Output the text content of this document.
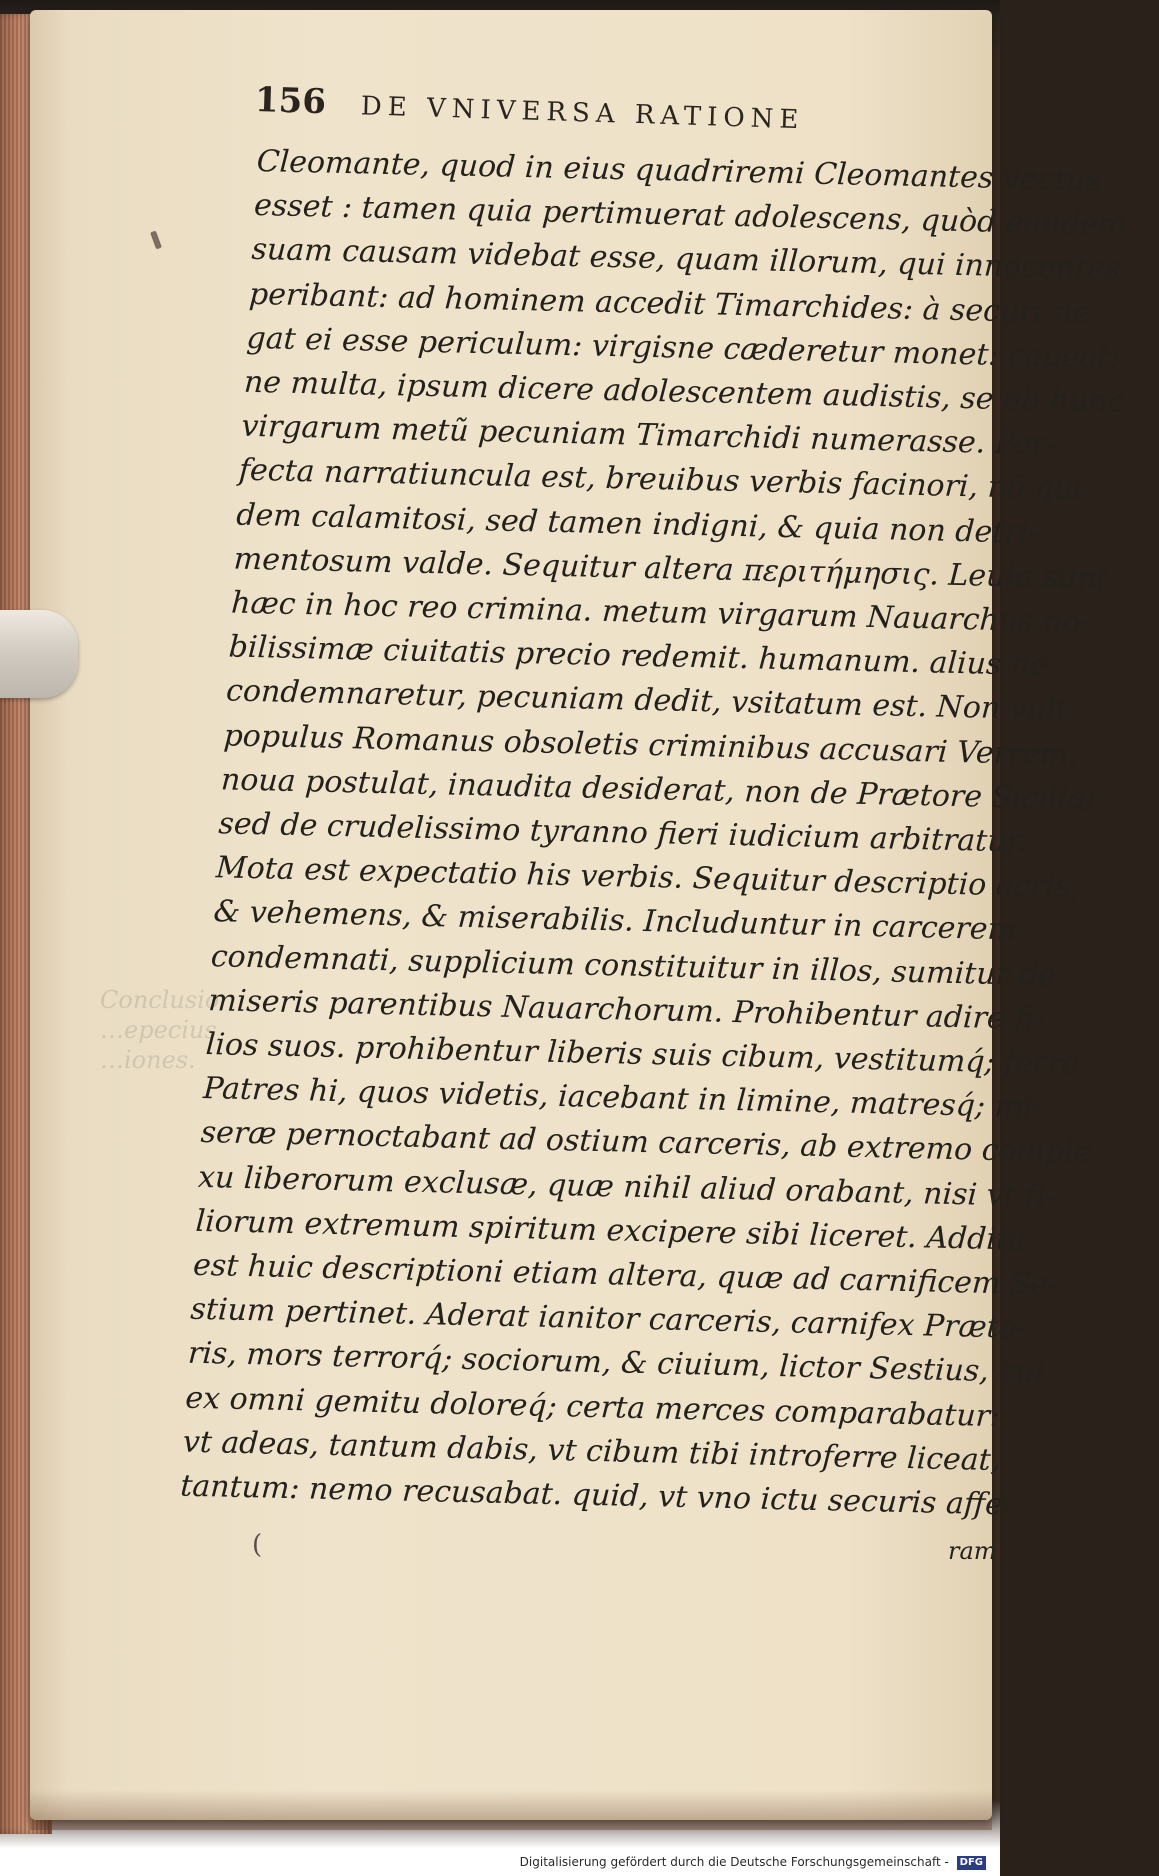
Conclusio
…epecius
…iones.
156 DE VNIVERSA RATIONE
Cleomante, quod in eius quadriremi Cleomantes vectus
esset : tamen quia pertimuerat adolescens, quòd eandem
suam causam videbat esse, quam illorum, qui innocentes
peribant: ad hominem accedit Timarchides: à securi ne-
gat ei esse periculum: virgisne cæderetur monet: caueat:
ne multa, ipsum dicere adolescentem audistis, se ob hunc
virgarum metũ pecuniam Timarchidi numerasse. Per-
fecta narratiuncula est, breuibus verbis facinori, nõ qui-
dem calamitosi, sed tamen indigni, & quia non detri-
mentosum valde. Sequitur altera περιτήμησις. Leuia sunt
hæc in hoc reo crimina. metum virgarum Nauarchus no-
bilissimæ ciuitatis precio redemit. humanum. alius ne
condemnaretur, pecuniam dedit, vsitatum est. Non vult
populus Romanus obsoletis criminibus accusari Verrem,
noua postulat, inaudita desiderat, non de Prætore Siciliæ,
sed de crudelissimo tyranno fieri iudicium arbitratur.
Mota est expectatio his verbis. Sequitur descriptio acris,
& vehemens, & miserabilis. Includuntur in carcerem
condemnati, supplicium constituitur in illos, sumitur de
miseris parentibus Nauarchorum. Prohibentur adire fi-
lios suos. prohibentur liberis suis cibum, vestitumq́; ferre.
Patres hi, quos videtis, iacebant in limine, matresq́; mi-
seræ pernoctabant ad ostium carceris, ab extremo comple-
xu liberorum exclusæ, quæ nihil aliud orabant, nisi vt fi-
liorum extremum spiritum excipere sibi liceret. Addita
est huic descriptioni etiam altera, quæ ad carnificem Se-
stium pertinet. Aderat ianitor carceris, carnifex Præto-
ris, mors terrorq́; sociorum, & ciuium, lictor Sestius, cui
ex omni gemitu doloreq́; certa merces comparabatur:
vt adeas, tantum dabis, vt cibum tibi introferre liceat,
tantum: nemo recusabat. quid, vt vno ictu securis affe-
(	ram
Digitalisierung gefördert durch die Deutsche Forschungsgemeinschaft - DFG
